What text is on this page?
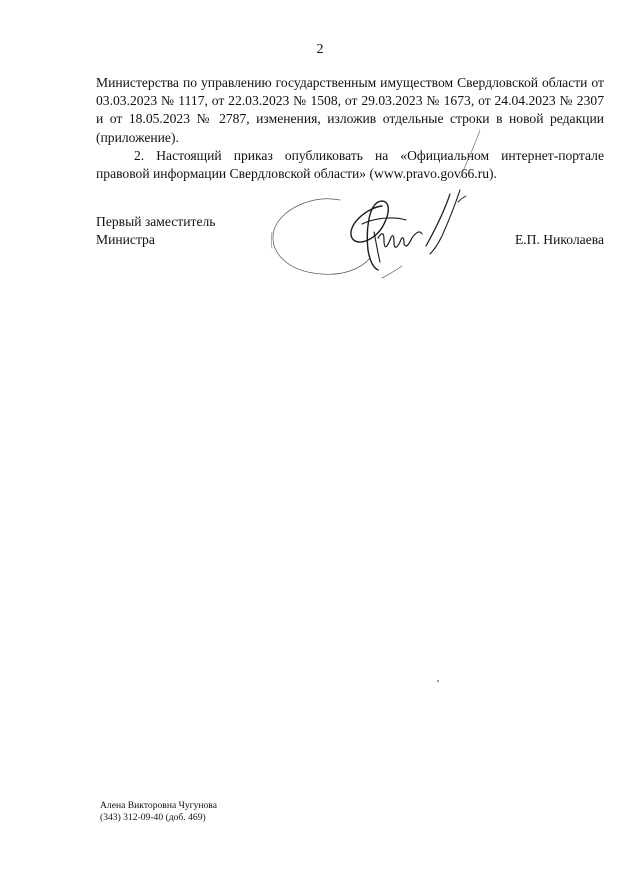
2

Министерства по управлению государственным имуществом Свердловской области от 03.03.2023 № 1117, от 22.03.2023 № 1508, от 29.03.2023 № 1673, от 24.04.2023 № 2307 и от 18.05.2023 № 2787, изменения, изложив отдельные строки в новой редакции (приложение).

2. Настоящий приказ опубликовать на «Официальном интернет-портале правовой информации Свердловской области» (www.pravo.gov66.ru).

Первый заместитель
Министра	Е.П. Николаева
Алена Викторовна Чугунова
(343) 312-09-40 (доб. 469)
